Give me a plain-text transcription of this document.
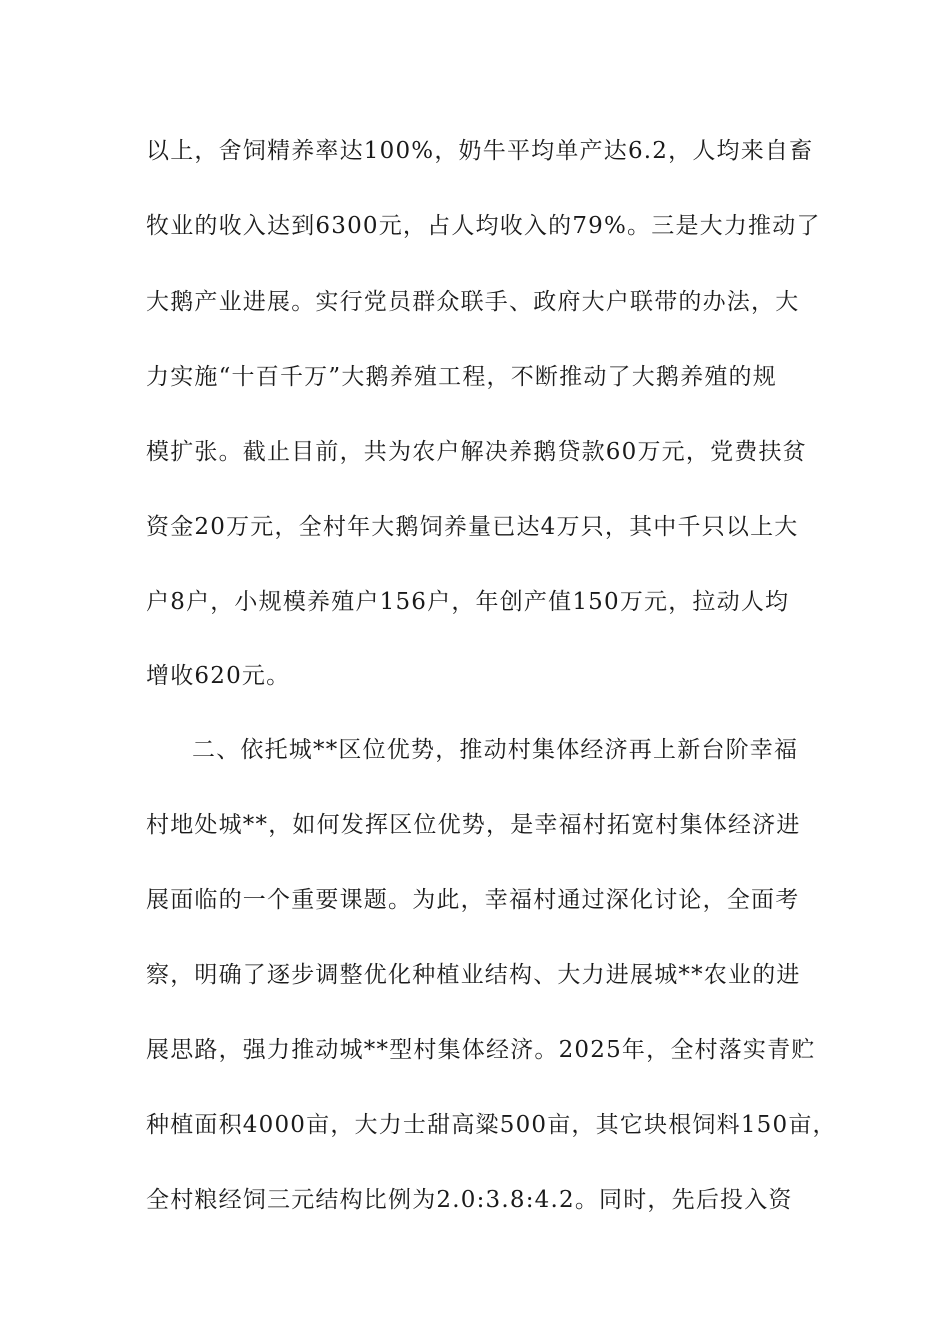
以上，舍饲精养率达100%，奶牛平均单产达6.2，人均来自畜
牧业的收入达到6300元，占人均收入的79%。三是大力推动了
大鹅产业进展。实行党员群众联手、政府大户联带的办法，大
力实施“十百千万”大鹅养殖工程，不断推动了大鹅养殖的规
模扩张。截止目前，共为农户解决养鹅贷款60万元，党费扶贫
资金20万元，全村年大鹅饲养量已达4万只，其中千只以上大
户8户，小规模养殖户156户，年创产值150万元，拉动人均
增收620元。
二、依托城**区位优势，推动村集体经济再上新台阶幸福
村地处城**，如何发挥区位优势，是幸福村拓宽村集体经济进
展面临的一个重要课题。为此，幸福村通过深化讨论，全面考
察，明确了逐步调整优化种植业结构、大力进展城**农业的进
展思路，强力推动城**型村集体经济。2025年，全村落实青贮
种植面积4000亩，大力士甜高粱500亩，其它块根饲料150亩，
全村粮经饲三元结构比例为2.0:3.8:4.2。同时，先后投入资
